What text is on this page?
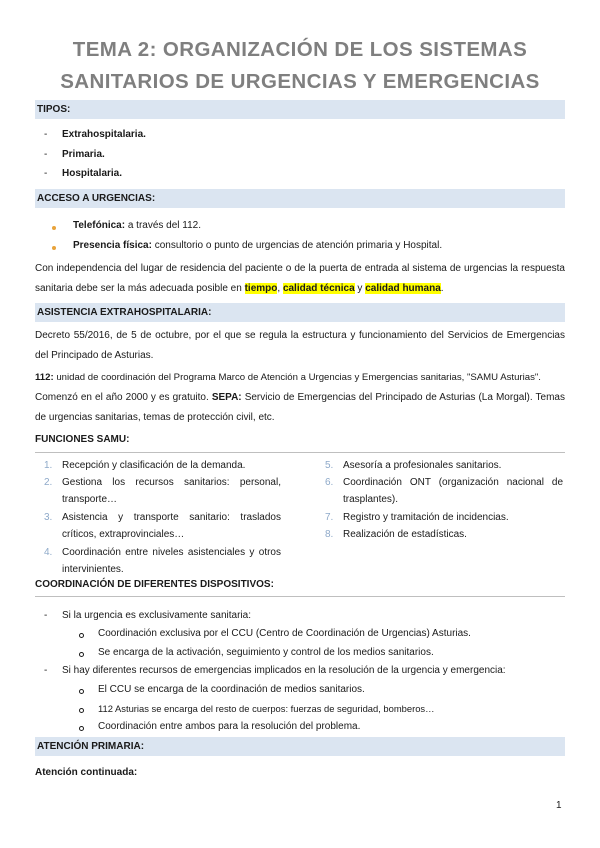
TEMA 2: ORGANIZACIÓN DE LOS SISTEMAS
SANITARIOS DE URGENCIAS Y EMERGENCIAS
TIPOS:
- Extrahospitalaria.
- Primaria.
- Hospitalaria.
ACCESO A URGENCIAS:
Telefónica: a través del 112.
Presencia física: consultorio o punto de urgencias de atención primaria y Hospital.
Con independencia del lugar de residencia del paciente o de la puerta de entrada al sistema de urgencias la respuesta
sanitaria debe ser la más adecuada posible en tiempo, calidad técnica y calidad humana.
ASISTENCIA EXTRAHOSPITALARIA:
Decreto 55/2016, de 5 de octubre, por el que se regula la estructura y funcionamiento del Servicios de Emergencias
del Principado de Asturias.
112: unidad de coordinación del Programa Marco de Atención a Urgencias y Emergencias sanitarias, "SAMU Asturias".
Comenzó en el año 2000 y es gratuito. SEPA: Servicio de Emergencias del Principado de Asturias (La Morgal). Temas
de urgencias sanitarias, temas de protección civil, etc.
FUNCIONES SAMU:
1. Recepción y clasificación de la demanda.
2. Gestiona los recursos sanitarios: personal,
transporte…
3. Asistencia y transporte sanitario: traslados
críticos, extraprovinciales…
4. Coordinación entre niveles asistenciales y otros
intervinientes.
5. Asesoría a profesionales sanitarios.
6. Coordinación ONT (organización nacional de
trasplantes).
7. Registro y tramitación de incidencias.
8. Realización de estadísticas.
COORDINACIÓN DE DIFERENTES DISPOSITIVOS:
- Si la urgencia es exclusivamente sanitaria:
Coordinación exclusiva por el CCU (Centro de Coordinación de Urgencias) Asturias.
Se encarga de la activación, seguimiento y control de los medios sanitarios.
- Si hay diferentes recursos de emergencias implicados en la resolución de la urgencia y emergencia:
El CCU se encarga de la coordinación de medios sanitarios.
112 Asturias se encarga del resto de cuerpos: fuerzas de seguridad, bomberos…
Coordinación entre ambos para la resolución del problema.
ATENCIÓN PRIMARIA:
Atención continuada:
1
